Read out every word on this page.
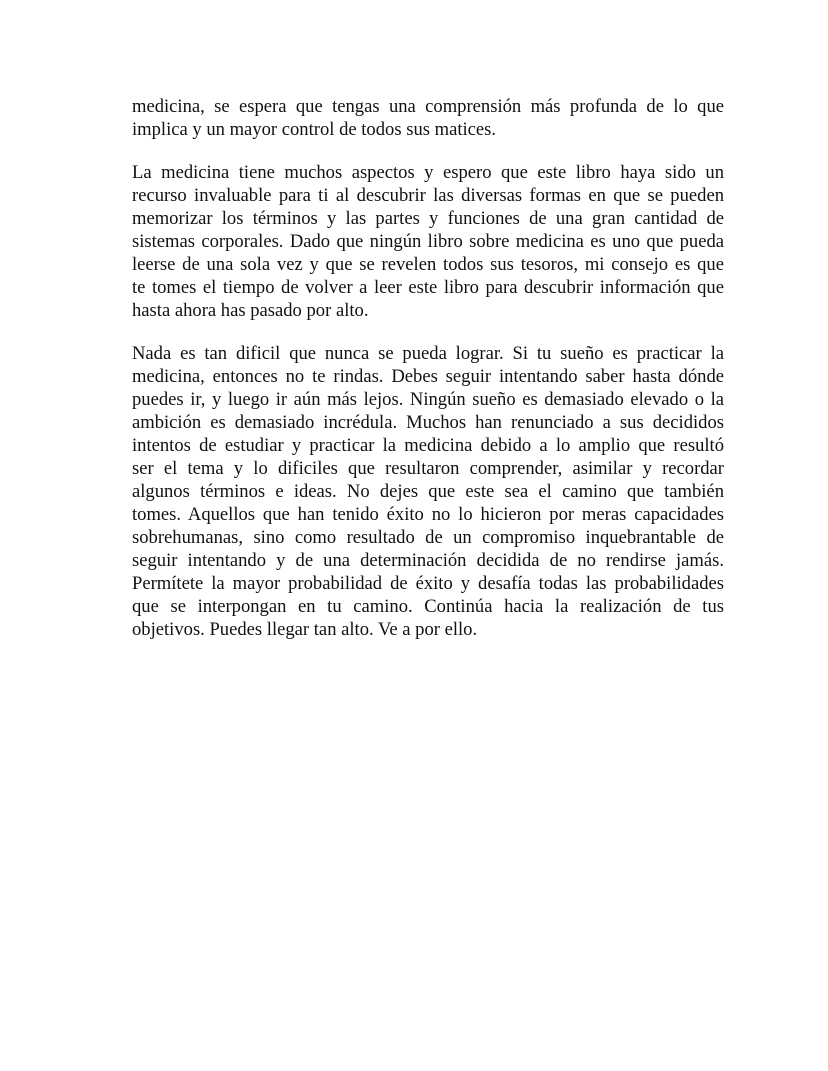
medicina, se espera que tengas una comprensión más profunda de lo que
implica y un mayor control de todos sus matices.
La medicina tiene muchos aspectos y espero que este libro haya sido un
recurso invaluable para ti al descubrir las diversas formas en que se pueden
memorizar los términos y las partes y funciones de una gran cantidad de
sistemas corporales. Dado que ningún libro sobre medicina es uno que pueda
leerse de una sola vez y que se revelen todos sus tesoros, mi consejo es que
te tomes el tiempo de volver a leer este libro para descubrir información que
hasta ahora has pasado por alto.
Nada es tan dificil que nunca se pueda lograr. Si tu sueño es practicar la
medicina, entonces no te rindas. Debes seguir intentando saber hasta dónde
puedes ir, y luego ir aún más lejos. Ningún sueño es demasiado elevado o la
ambición es demasiado incrédula. Muchos han renunciado a sus decididos
intentos de estudiar y practicar la medicina debido a lo amplio que resultó
ser el tema y lo dificiles que resultaron comprender, asimilar y recordar
algunos términos e ideas. No dejes que este sea el camino que también
tomes. Aquellos que han tenido éxito no lo hicieron por meras capacidades
sobrehumanas, sino como resultado de un compromiso inquebrantable de
seguir intentando y de una determinación decidida de no rendirse jamás.
Permítete la mayor probabilidad de éxito y desafía todas las probabilidades
que se interpongan en tu camino. Continúa hacia la realización de tus
objetivos. Puedes llegar tan alto. Ve a por ello.
